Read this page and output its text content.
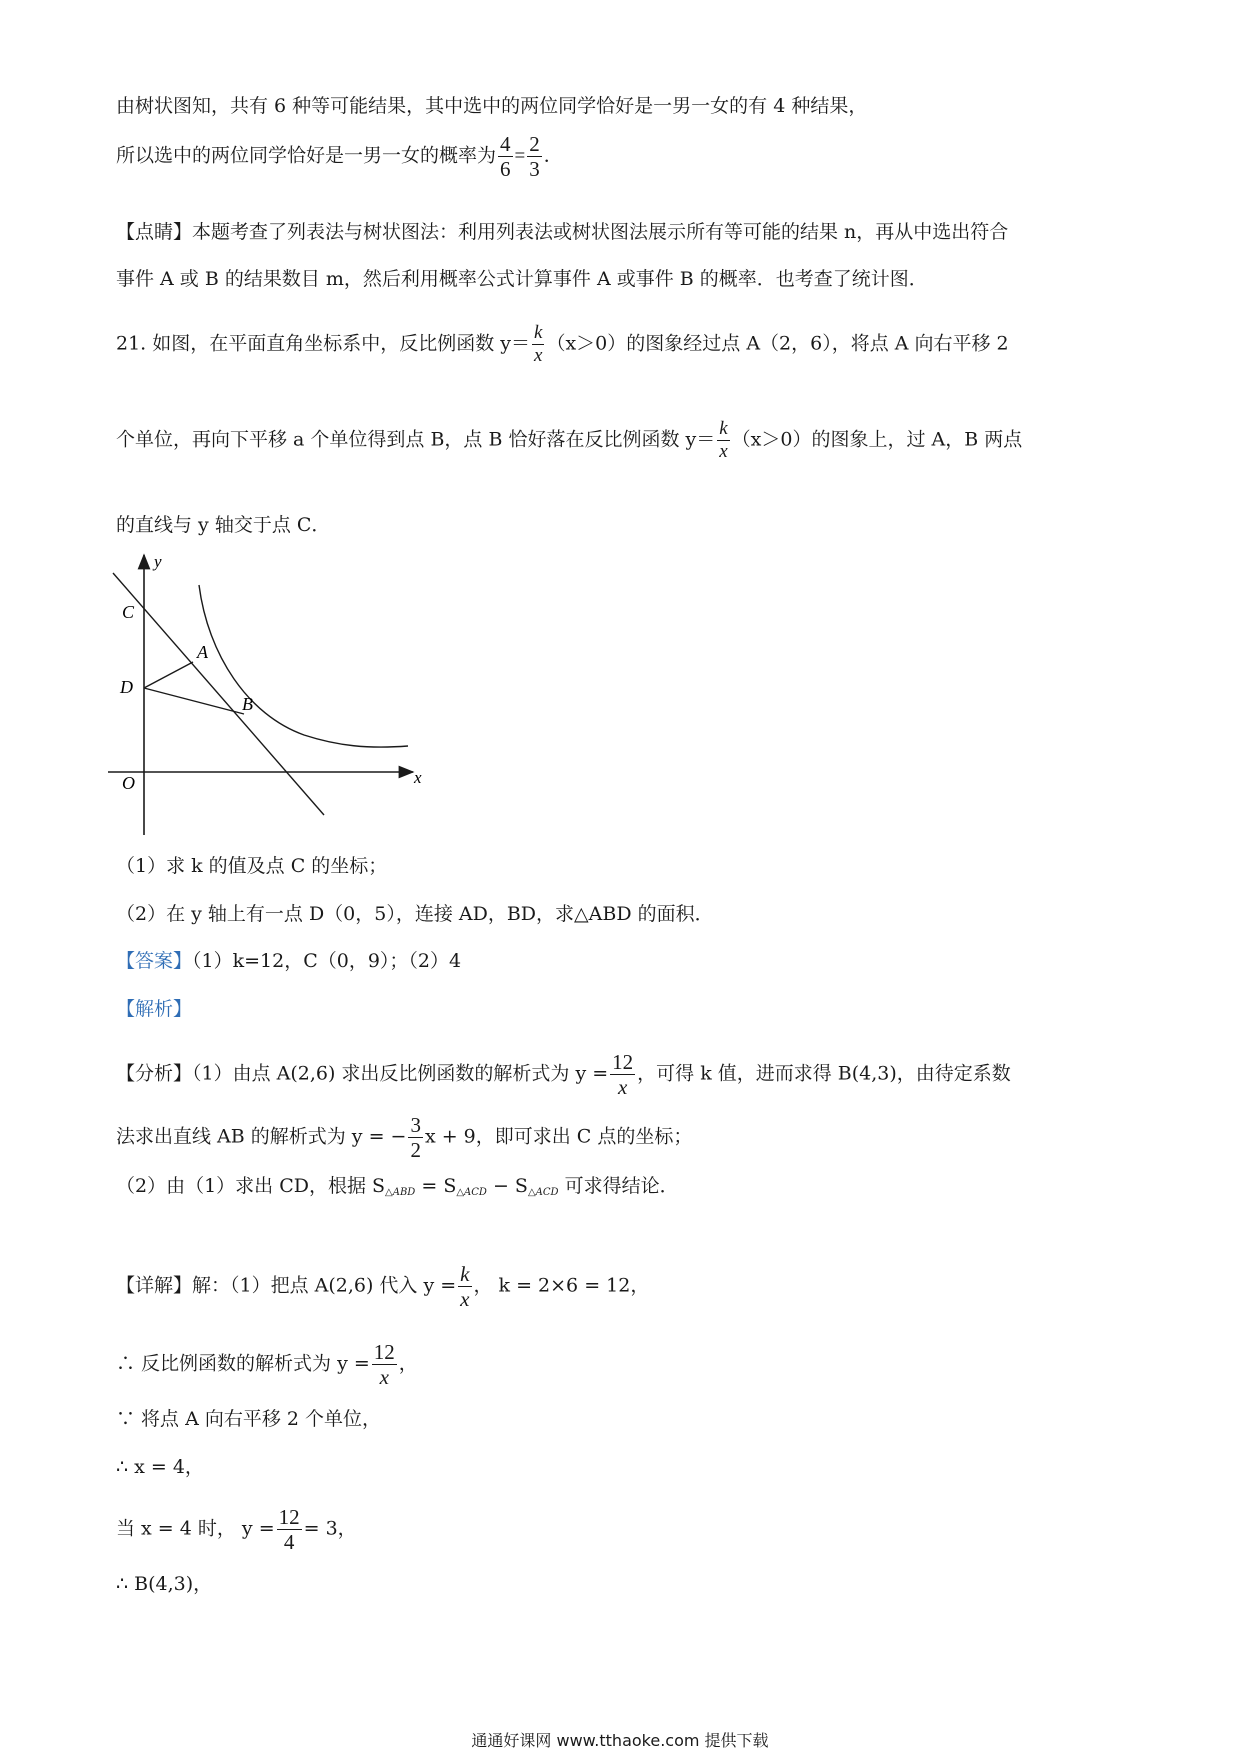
由树状图知，共有 6 种等可能结果，其中选中的两位同学恰好是一男一女的有 4 种结果，
所以选中的两位同学恰好是一男一女的概率为 $\frac{4}{6} = \frac{2}{3}$ ．
【点睛】本题考查了列表法与树状图法：利用列表法或树状图法展示所有等可能的结果 n，再从中选出符合
事件 A 或 B 的结果数目 m，然后利用概率公式计算事件 A 或事件 B 的概率．也考查了统计图．
21. 如图，在平面直角坐标系中，反比例函数 $y= \frac{k}{x} (x>0)$的图象经过点 A（2，6），将点 A 向右平移 2
个单位，再向下平移 a 个单位得到点 B，点 B 恰好落在反比例函数 $y= \frac{k}{x} (x>0)$的图象上，过 A，B 两点
的直线与 y 轴交于点 C．
y
x
C
A
D
B
O
（1）求 k 的值及点 C 的坐标；
（2）在 y 轴上有一点 D（0，5），连接 AD，BD，求△ABD 的面积．
【答案】（1）k=12，C（0，9）；（2）4
【解析】
【分析】（1）由点 A(2,6) 求出反比例函数的解析式为 $y = \frac{12}{x}$ ，可得 k 值，进而求得 B(4,3)，由待定系数
法求出直线 AB 的解析式为 y = − $\frac{3}{2}$ x + 9，即可求出 C 点的坐标；
（2）由（1）求出 CD，根据 $S_{\triangle ABD} = S_{\triangle ACD} - S_{\triangle ACD}$ 可求得结论．
【详解】解：（1）把点 A(2,6) 代入 $y = \frac{k}{x}$ ， k = 2×6 = 12，
∴ 反比例函数的解析式为 $y = \frac{12}{x}$ ，
∵ 将点 A 向右平移 2 个单位，
∴ x = 4，
当 x = 4 时， $y = \frac{12}{4} = 3$，
∴ B(4,3)，
通通好课网 www.tthaoke.com 提供下载
